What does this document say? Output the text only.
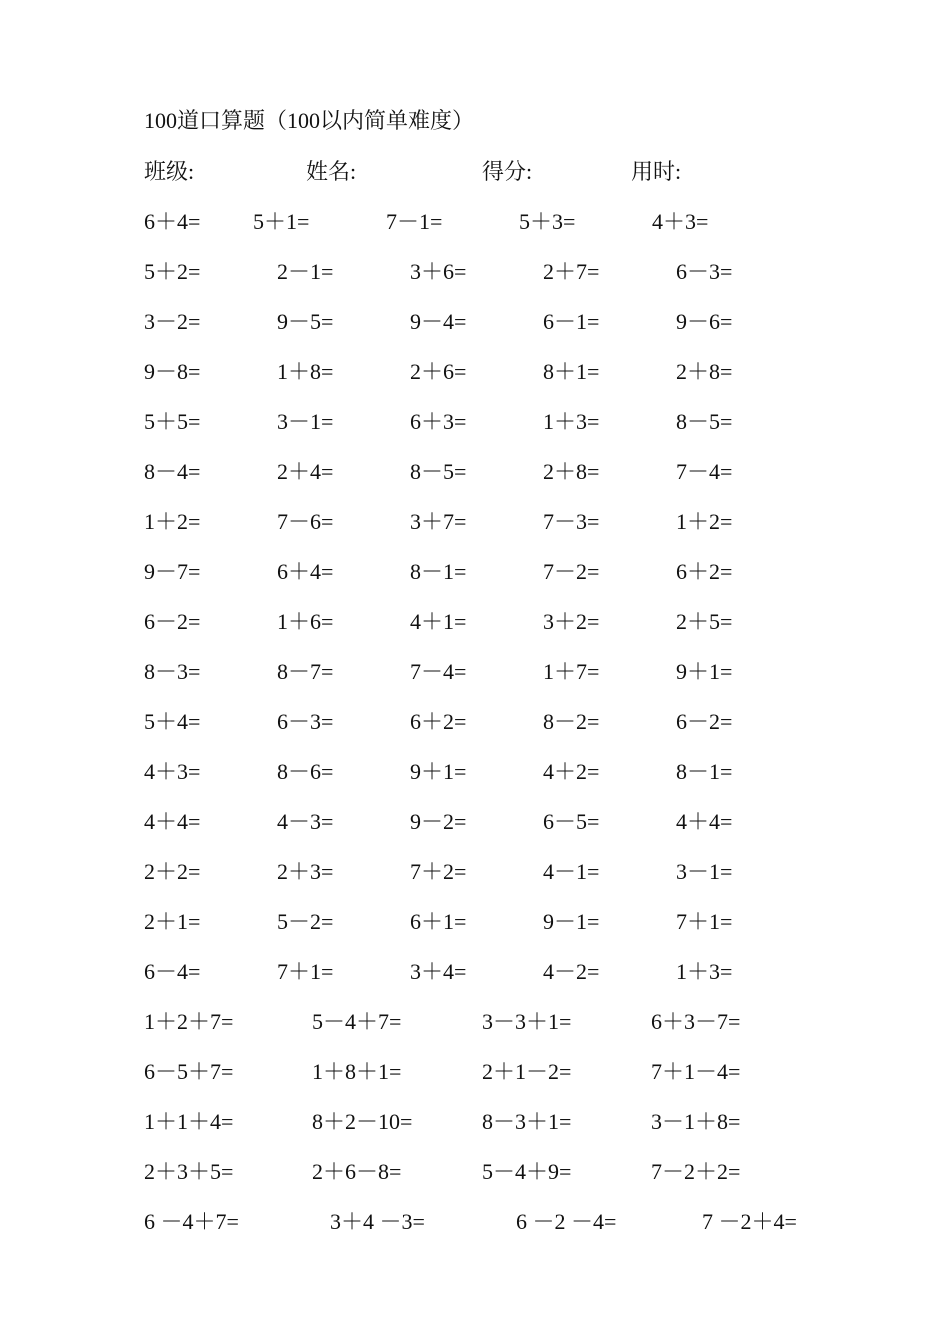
100道口算题（100以内简单难度）
班级:	姓名:	得分:	用时:
6＋4= 5＋1=	7－1=	5＋3=	4＋3=
5＋2=	2－1=	3＋6=	2＋7=	6－3=
3－2=	9－5=	9－4=	6－1=	9－6=
9－8=	1＋8=	2＋6=	8＋1=	2＋8=
5＋5=	3－1=	6＋3=	1＋3=	8－5=
8－4=	2＋4=	8－5=	2＋8=	7－4=
1＋2=	7－6=	3＋7=	7－3=	1＋2=
9－7=	6＋4=	8－1=	7－2=	6＋2=
6－2=	1＋6=	4＋1=	3＋2=	2＋5=
8－3=	8－7=	7－4=	1＋7=	9＋1=
5＋4=	6－3=	6＋2=	8－2=	6－2=
4＋3=	8－6=	9＋1=	4＋2=	8－1=
4＋4=	4－3=	9－2=	6－5=	4＋4=
2＋2=	2＋3=	7＋2=	4－1=	3－1=
2＋1=	5－2=	6＋1=	9－1=	7＋1=
6－4=	7＋1=	3＋4=	4－2=	1＋3=
1＋2＋7=	5－4＋7=	3－3＋1=	6＋3－7=
6－5＋7=	1＋8＋1=	2＋1－2=	7＋1－4=
1＋1＋4=	8＋2－10=	8－3＋1=	3－1＋8=
2＋3＋5=	2＋6－8=	5－4＋9=	7－2＋2=
6 －4＋7=	3＋4 －3=	6 －2 －4=	7 －2＋4=
